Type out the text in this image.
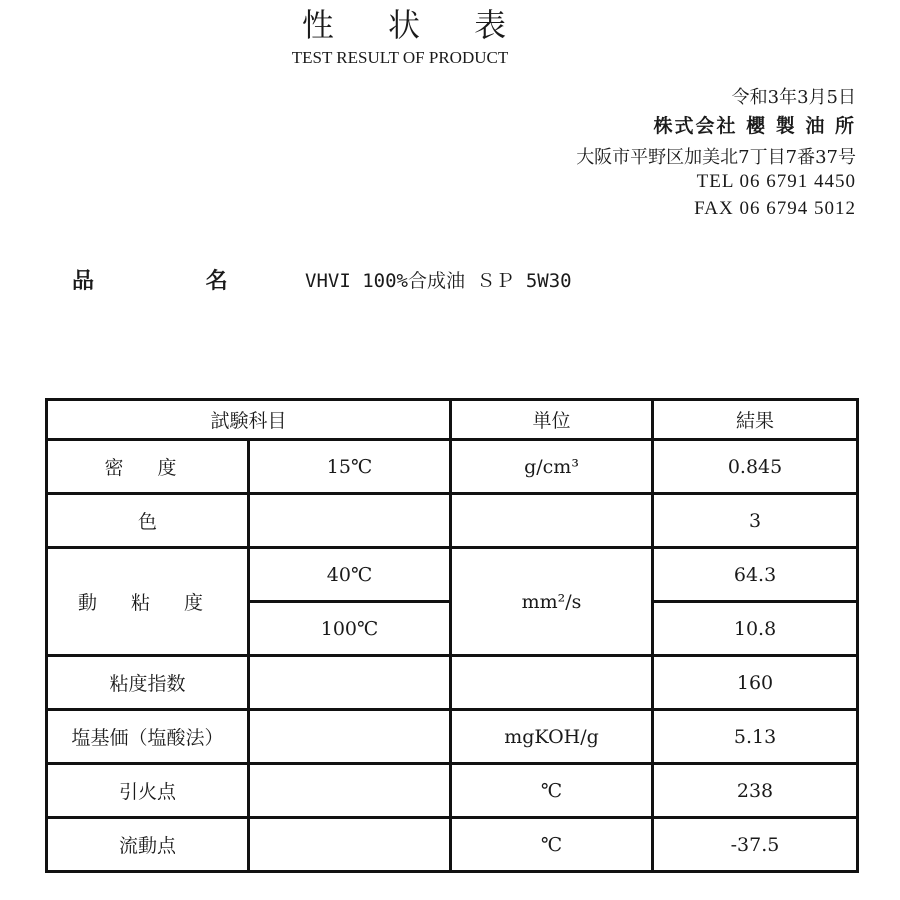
性 状 表
TEST RESULT OF PRODUCT
令和3年3月5日
株式会社 櫻 製 油 所
大阪市平野区加美北7丁目7番37号
TEL 06 6791 4450
FAX 06 6794 5012
品 名 VHVI 100%合成油 ＳＰ 5W30
試験科目		単位	結果
密 度	15℃	g/cm³	0.845
色			3
動 粘 度	40℃	mm²/s	64.3
	100℃		10.8
粘度指数			160
塩基価（塩酸法）		mgKOH/g	5.13
引火点		℃	238
流動点		℃	-37.5
